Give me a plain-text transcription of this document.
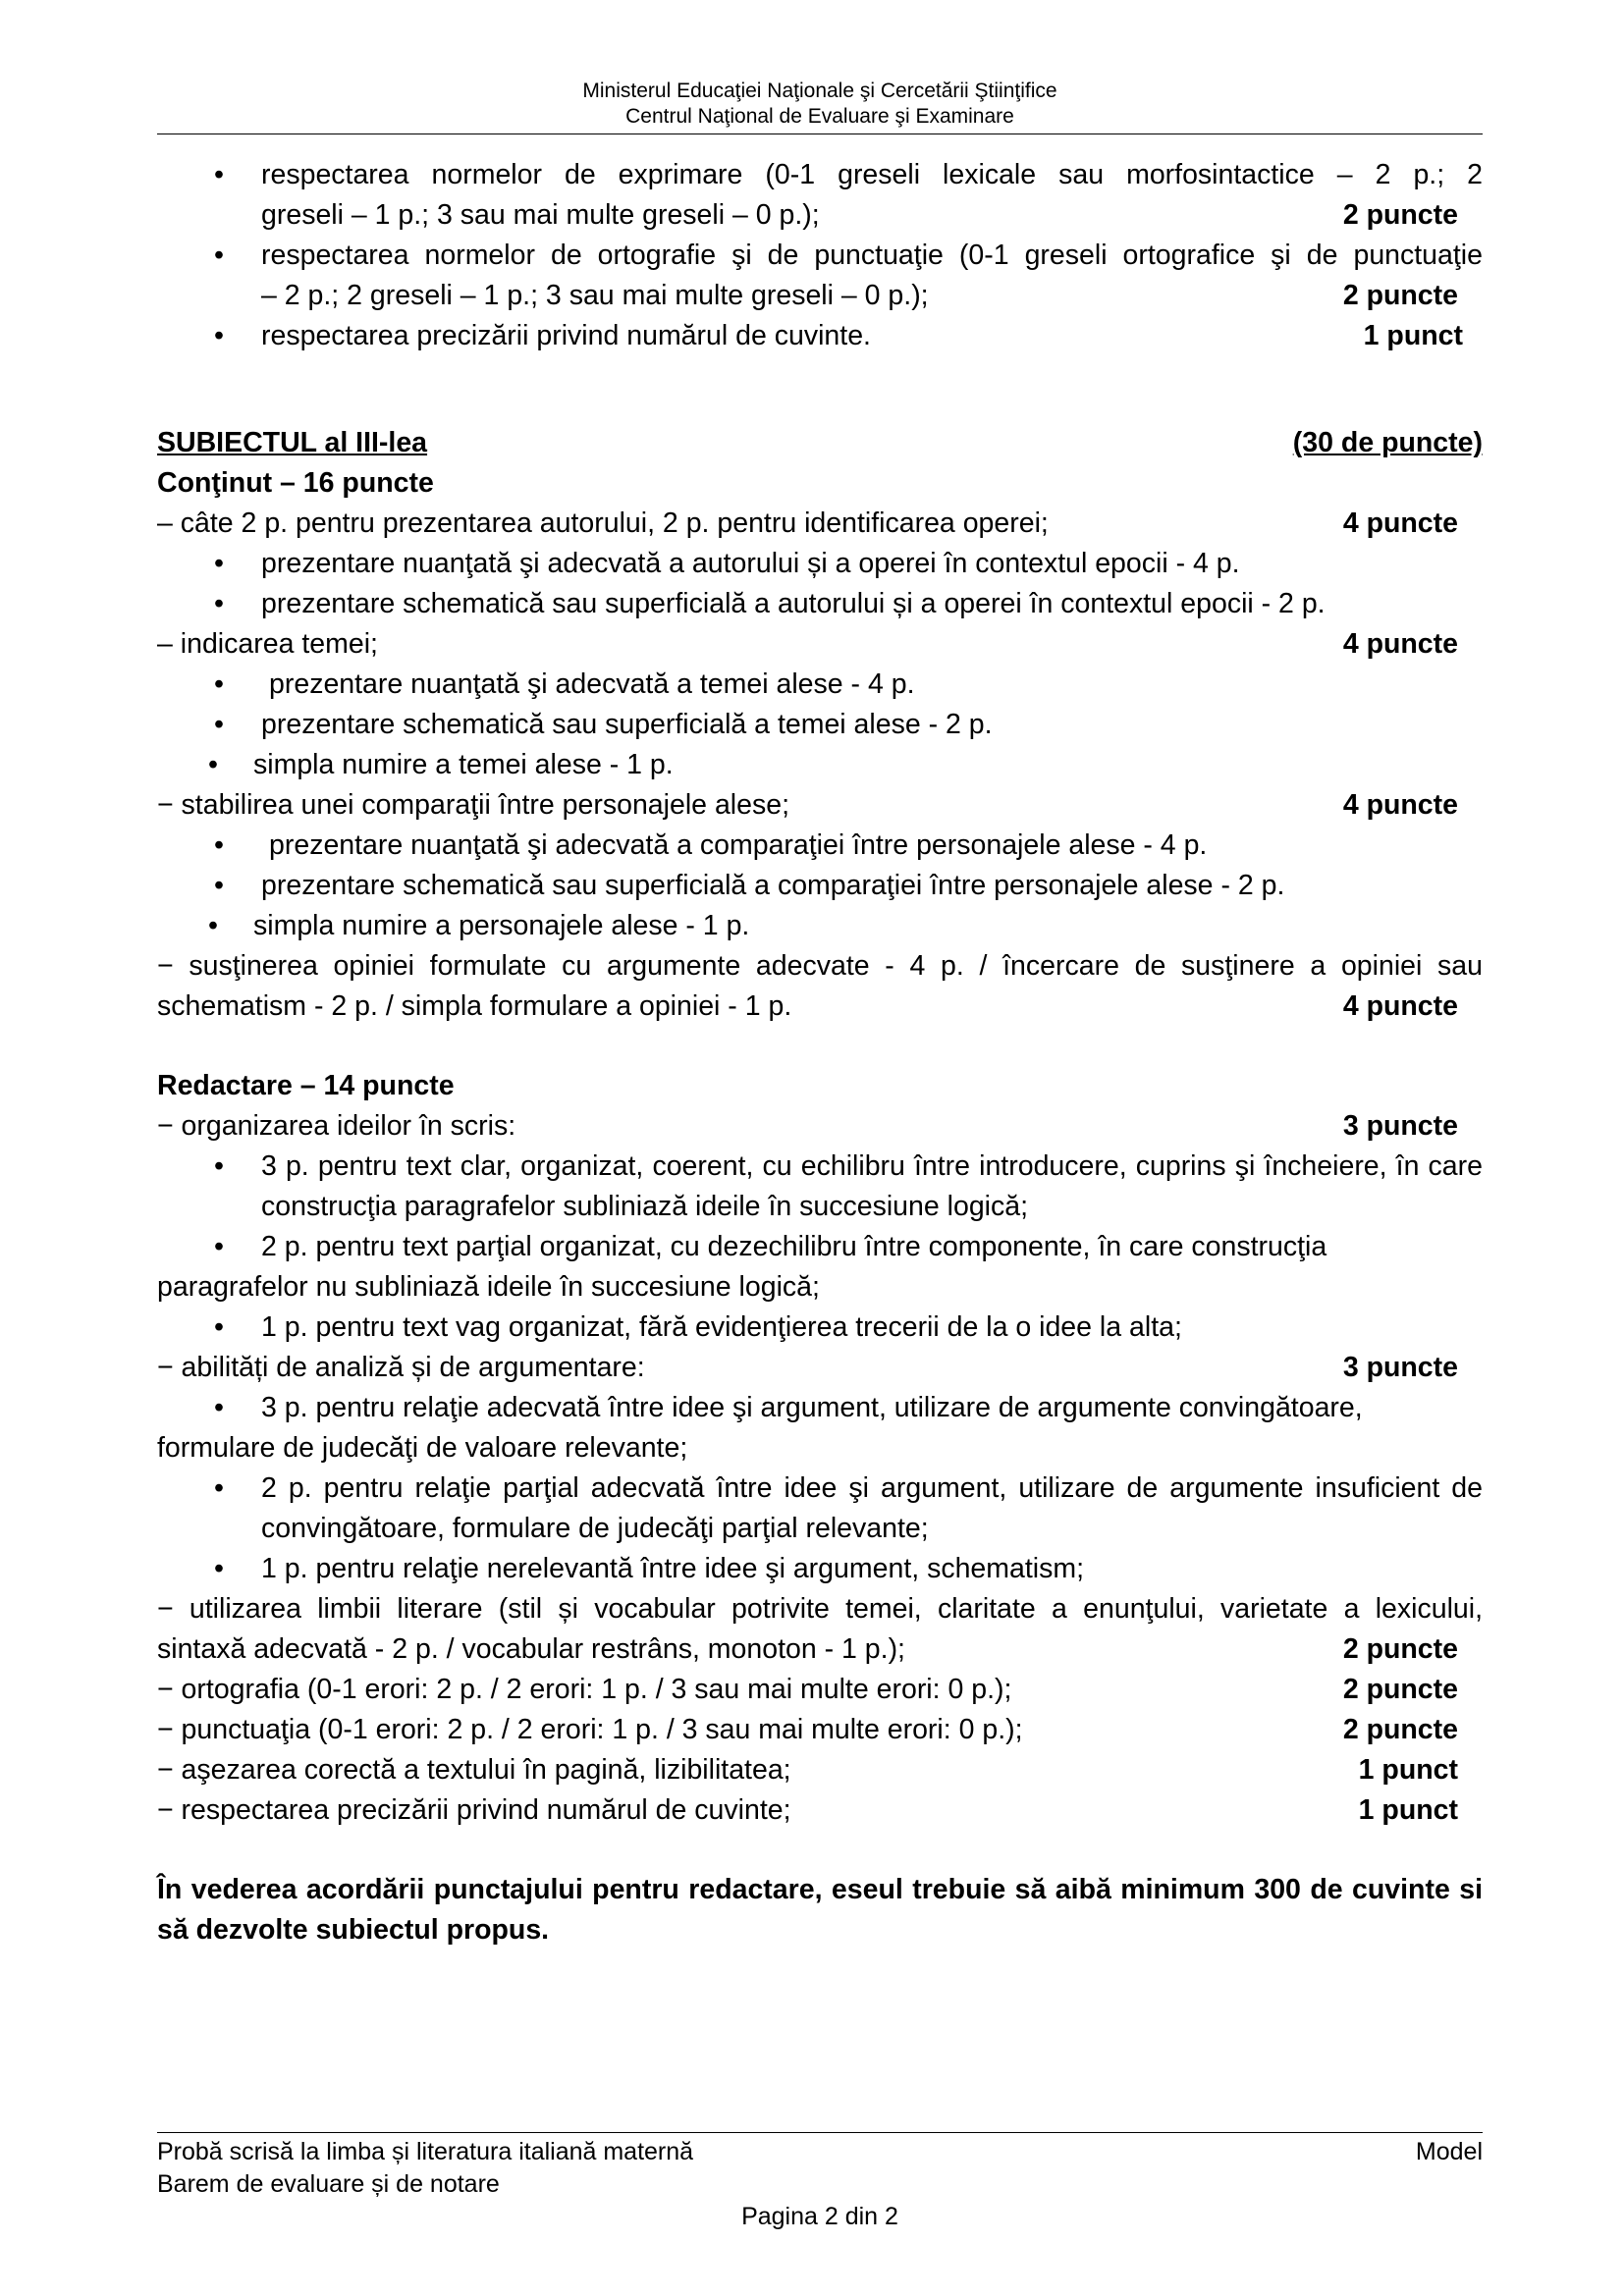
Ministerul Educaţiei Naţionale şi Cercetării Ştiinţifice
Centrul Naţional de Evaluare şi Examinare
• respectarea normelor de exprimare (0-1 greseli lexicale sau morfosintactice – 2 p.; 2
greseli – 1 p.; 3 sau mai multe greseli – 0 p.);	2 puncte
• respectarea normelor de ortografie şi de punctuaţie (0-1 greseli ortografice şi de punctuaţie
– 2 p.; 2 greseli – 1 p.; 3 sau mai multe greseli – 0 p.);	2 puncte
• respectarea precizării privind numărul de cuvinte.	1 punct
SUBIECTUL al III-lea	(30 de puncte)
Conţinut – 16 puncte
– câte 2 p. pentru prezentarea autorului, 2 p. pentru identificarea operei;	4 puncte
• prezentare nuanţată şi adecvată a autorului și a operei în contextul epocii - 4 p.
• prezentare schematică sau superficială a autorului și a operei în contextul epocii - 2 p.
– indicarea temei;	4 puncte
• prezentare nuanţată şi adecvată a temei alese - 4 p.
• prezentare schematică sau superficială a temei alese - 2 p.
• simpla numire a temei alese - 1 p.
− stabilirea unei comparaţii între personajele alese;	4 puncte
• prezentare nuanţată şi adecvată a comparaţiei între personajele alese - 4 p.
• prezentare schematică sau superficială a comparaţiei între personajele alese - 2 p.
• simpla numire a personajele alese - 1 p.
− susţinerea opiniei formulate cu argumente adecvate - 4 p. / încercare de susţinere a opiniei sau
schematism - 2 p. / simpla formulare a opiniei - 1 p.	4 puncte
Redactare – 14 puncte
− organizarea ideilor în scris:	3 puncte
• 3 p. pentru text clar, organizat, coerent, cu echilibru între introducere, cuprins şi încheiere, în care construcţia paragrafelor subliniază ideile în succesiune logică;
• 2 p. pentru text parţial organizat, cu dezechilibru între componente, în care construcţia paragrafelor nu subliniază ideile în succesiune logică;
• 1 p. pentru text vag organizat, fără evidenţierea trecerii de la o idee la alta;
− abilități de analiză și de argumentare:	3 puncte
• 3 p. pentru relaţie adecvată între idee şi argument, utilizare de argumente convingătoare, formulare de judecăţi de valoare relevante;
• 2 p. pentru relaţie parţial adecvată între idee şi argument, utilizare de argumente insuficient de convingătoare, formulare de judecăţi parţial relevante;
• 1 p. pentru relaţie nerelevantă între idee şi argument, schematism;
− utilizarea limbii literare (stil și vocabular potrivite temei, claritate a enunţului, varietate a lexicului,
sintaxă adecvată - 2 p. / vocabular restrâns, monoton - 1 p.);	2 puncte
− ortografia (0-1 erori: 2 p. / 2 erori: 1 p. / 3 sau mai multe erori: 0 p.);	2 puncte
− punctuaţia (0-1 erori: 2 p. / 2 erori: 1 p. / 3 sau mai multe erori: 0 p.);	2 puncte
− aşezarea corectă a textului în pagină, lizibilitatea;	1 punct
− respectarea precizării privind numărul de cuvinte;	1 punct
În vederea acordării punctajului pentru redactare, eseul trebuie să aibă minimum 300 de cuvinte si să dezvolte subiectul propus.
Probă scrisă la limba și literatura italiană maternă	Model
Barem de evaluare și de notare
Pagina 2 din 2
